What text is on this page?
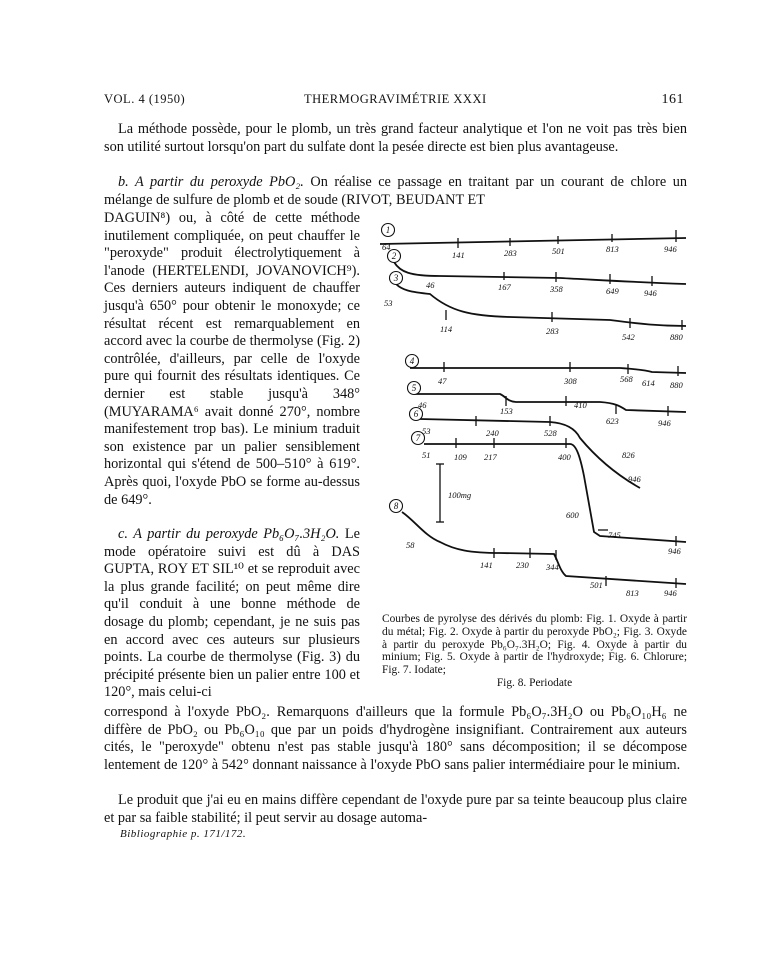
VOL. 4 (1950)	THERMOGRAVIMÉTRIE XXXI	161
La méthode possède, pour le plomb, un très grand facteur analytique et l'on ne voit pas très bien son utilité surtout lorsqu'on part du sulfate dont la pesée directe est bien plus avantageuse.
b. A partir du peroxyde PbO₂. On réalise ce passage en traitant par un courant de chlore un mélange de sulfure de plomb et de soude (RIVOT, BEUDANT ET
DAGUIN⁸) ou, à côté de cette méthode inutilement compliquée, on peut chauffer le "peroxyde" produit électrolytiquement à l'anode (HERTELENDI, JOVANOVICH⁹). Ces derniers auteurs indiquent de chauffer jusqu'à 650° pour obtenir le monoxyde; ce résultat récent est remarquablement en accord avec la courbe de thermolyse (Fig. 2) contrôlée, d'ailleurs, par celle de l'oxyde pure qui fournit des résultats identiques. Ce dernier est stable jusqu'à 348° (MUYARAMA⁶ avait donné 270°, nombre manifestement trop bas). Le minium traduit son existence par un palier sensiblement horizontal qui s'étend de 500–510° à 619°. Après quoi, l'oxyde PbO se forme au-dessus de 649°.
c. A partir du peroxyde Pb₆O₇.3H₂O. Le mode opératoire suivi est dû à DAS GUPTA, ROY ET SIL¹⁰ et se reproduit avec la plus grande facilité; on peut même dire qu'il conduit à une bonne méthode de dosage du plomb; cependant, je ne suis pas en accord avec ces auteurs sur plusieurs points. La courbe de thermolyse (Fig. 3) du précipité présente bien un palier entre 100 et 120°, mais celui-ci
correspond à l'oxyde PbO₂. Remarquons d'ailleurs que la formule Pb₆O₇.3H₂O ou Pb₆O₁₀H₆ ne diffère de PbO₂ ou Pb₆O₁₀ que par un poids d'hydrogène insignifiant. Contrairement aux auteurs cités, le "peroxyde" obtenu n'est pas stable jusqu'à 180° sans décomposition; il se décompose lentement de 120° à 542° donnant naissance à l'oxyde PbO sans palier intermédiaire pour le minium.
Le produit que j'ai eu en mains diffère cependant de l'oxyde pure par sa teinte beaucoup plus claire et par sa faible stabilité; il peut servir au dosage automa-
1
2
3
4
5
6
7
8
64
141	283	501	813	946
46	167	358	649	946
53
114	283
542	880
47	308	568 614 880
46
153
410
623	946
53	240	528
826
946
51	109 217	400
600
745
946
58
141	230 344
501
813	946
100mg
Courbes de pyrolyse des dérivés du plomb: Fig. 1. Oxyde à partir du métal; Fig. 2. Oxyde à partir du peroxyde PbO₂; Fig. 3. Oxyde à partir du peroxyde Pb₆O₇.3H₂O; Fig. 4. Oxyde à partir du minium; Fig. 5. Oxyde à partir de l'hydroxyde; Fig. 6. Chlorure; Fig. 7. Iodate;
Fig. 8. Periodate
Bibliographie p. 171/172.
